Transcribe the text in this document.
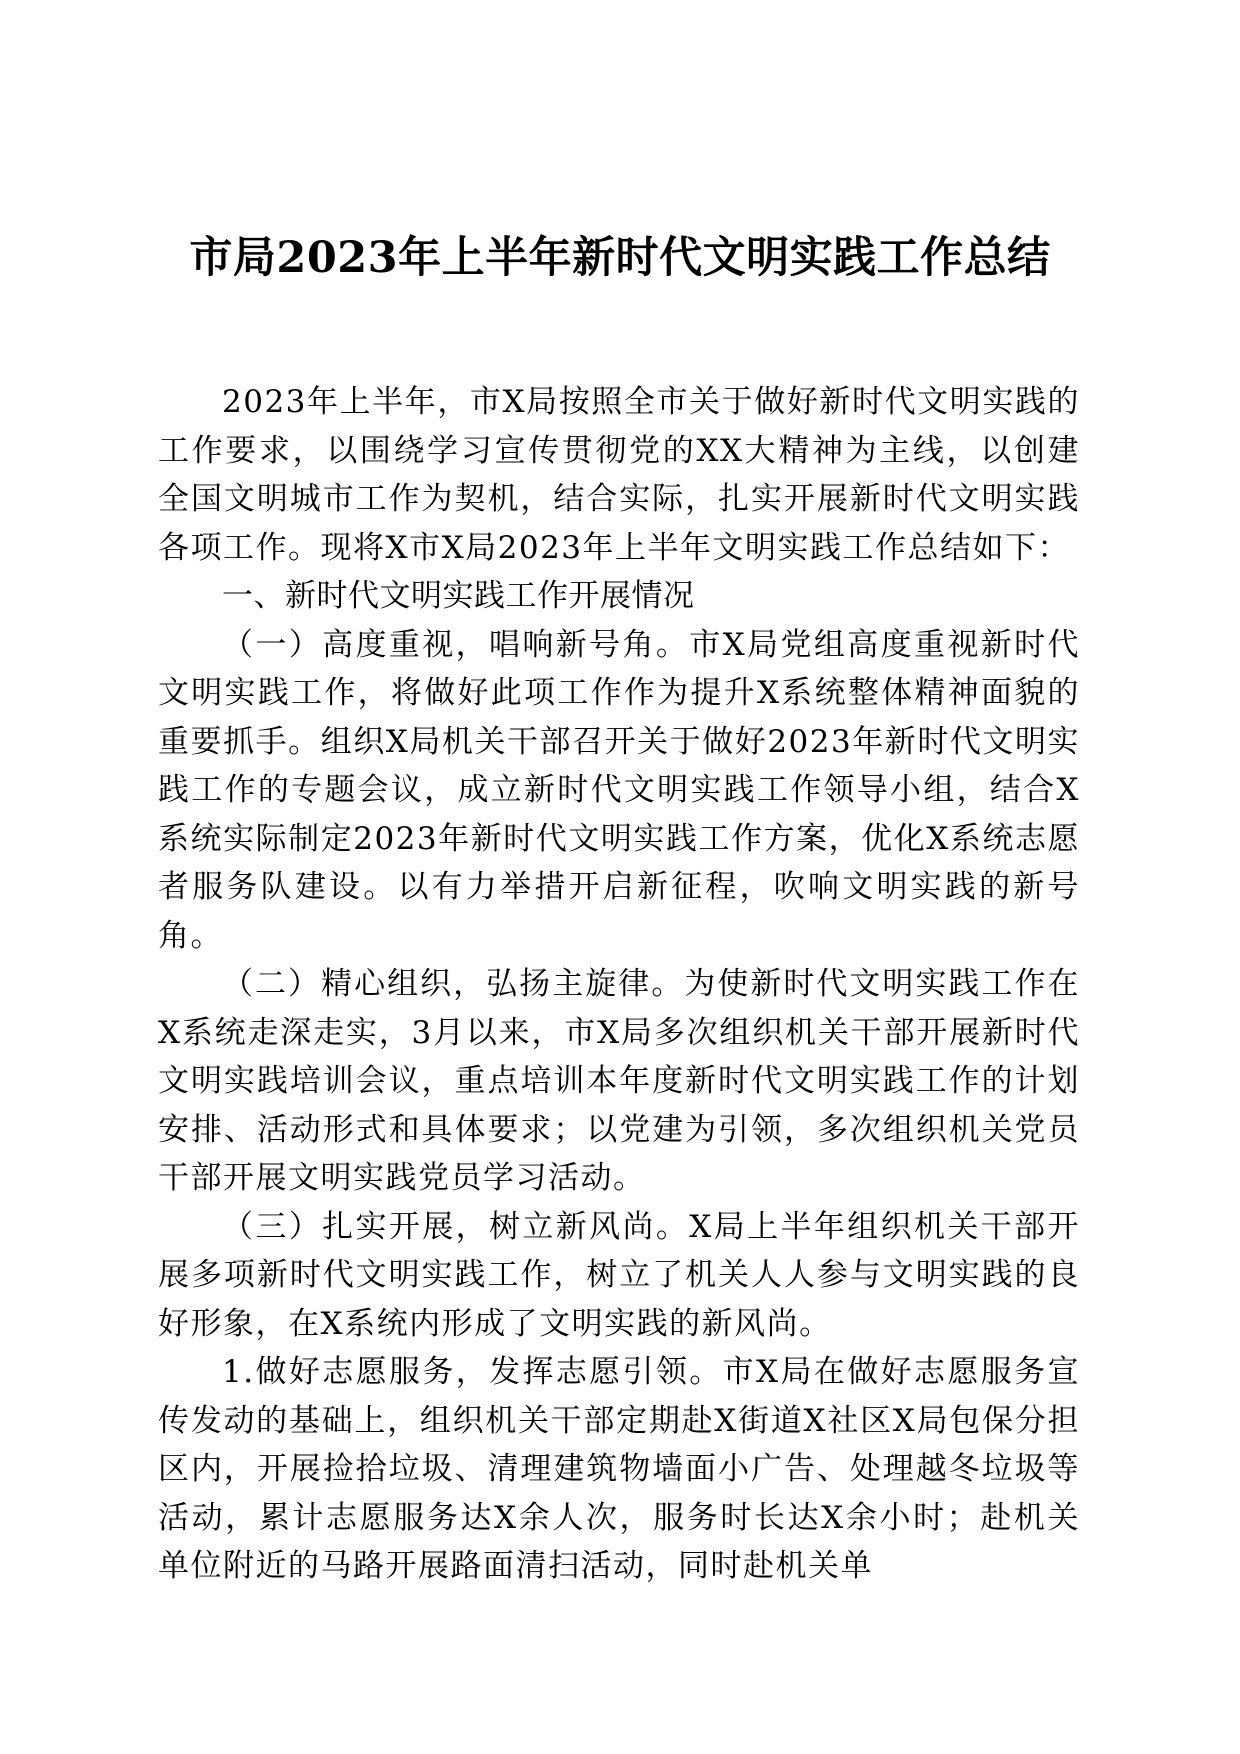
市局2023年上半年新时代文明实践工作总结

2023年上半年，市X局按照全市关于做好新时代文明实践的工作要求，以围绕学习宣传贯彻党的XX大精神为主线，以创建全国文明城市工作为契机，结合实际，扎实开展新时代文明实践各项工作。现将X市X局2023年上半年文明实践工作总结如下：

一、新时代文明实践工作开展情况

（一）高度重视，唱响新号角。市X局党组高度重视新时代文明实践工作，将做好此项工作作为提升X系统整体精神面貌的重要抓手。组织X局机关干部召开关于做好2023年新时代文明实践工作的专题会议，成立新时代文明实践工作领导小组，结合X系统实际制定2023年新时代文明实践工作方案，优化X系统志愿者服务队建设。以有力举措开启新征程，吹响文明实践的新号角。

（二）精心组织，弘扬主旋律。为使新时代文明实践工作在X系统走深走实，3月以来，市X局多次组织机关干部开展新时代文明实践培训会议，重点培训本年度新时代文明实践工作的计划安排、活动形式和具体要求；以党建为引领，多次组织机关党员干部开展文明实践党员学习活动。

（三）扎实开展，树立新风尚。X局上半年组织机关干部开展多项新时代文明实践工作，树立了机关人人参与文明实践的良好形象，在X系统内形成了文明实践的新风尚。

1.做好志愿服务，发挥志愿引领。市X局在做好志愿服务宣传发动的基础上，组织机关干部定期赴X街道X社区X局包保分担区内，开展捡拾垃圾、清理建筑物墙面小广告、处理越冬垃圾等活动，累计志愿服务达X余人次，服务时长达X余小时；赴机关单位附近的马路开展路面清扫活动，同时赴机关单
